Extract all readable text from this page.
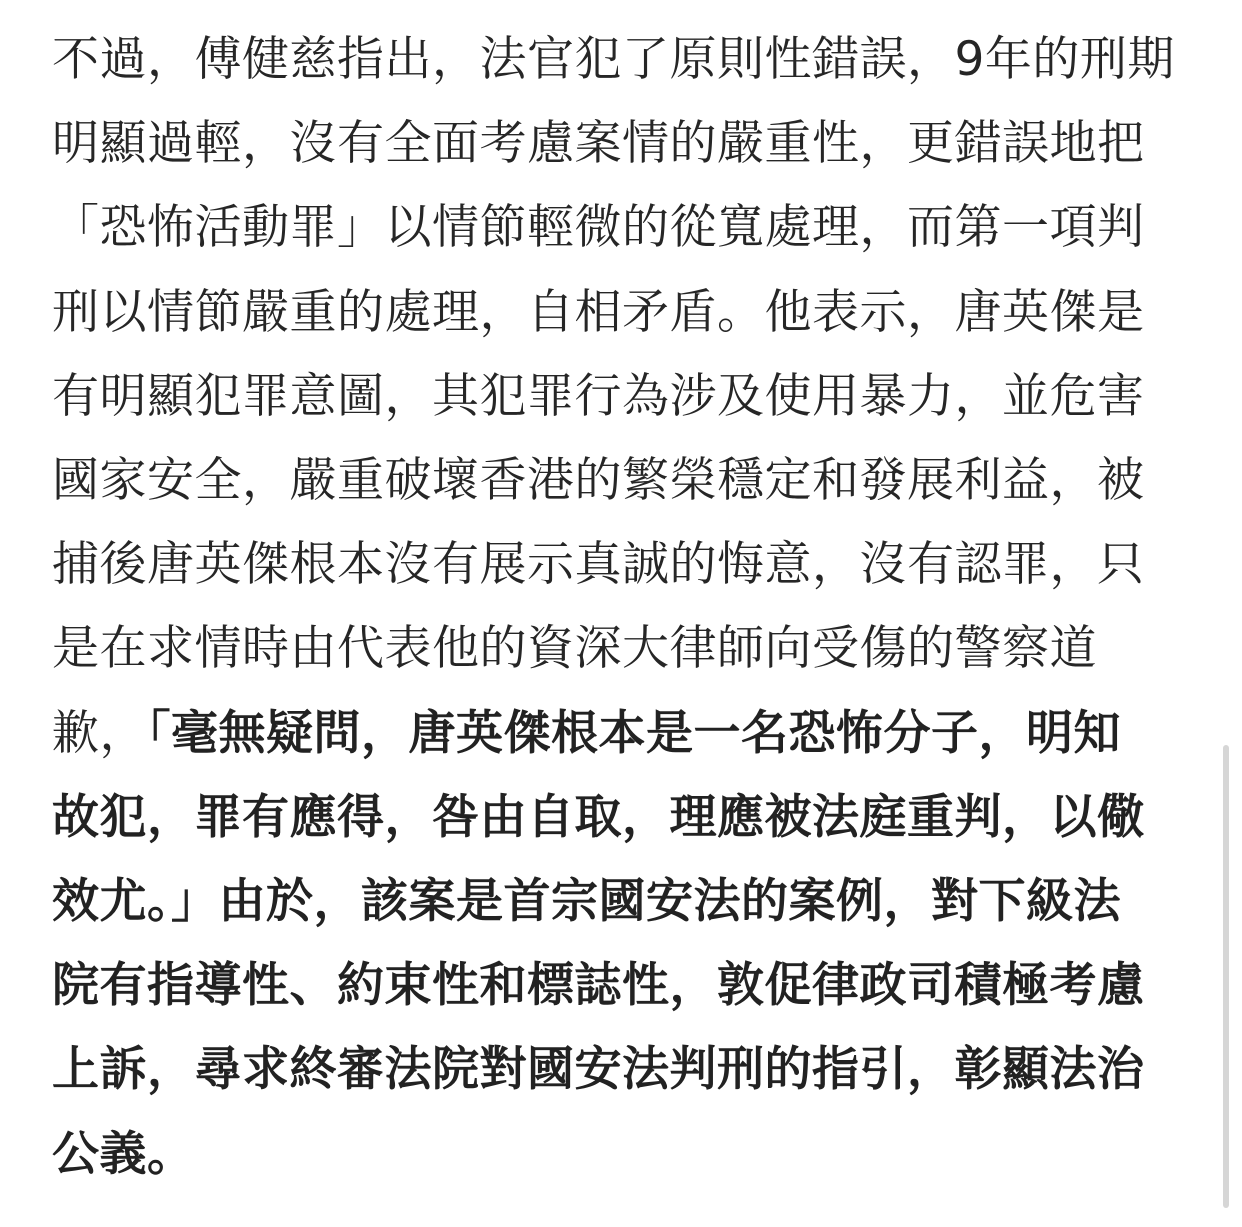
不過，傅健慈指出，法官犯了原則性錯誤，9年的刑期
明顯過輕，沒有全面考慮案情的嚴重性，更錯誤地把
「恐怖活動罪」以情節輕微的從寬處理，而第一項判
刑以情節嚴重的處理，自相矛盾。他表示，唐英傑是
有明顯犯罪意圖，其犯罪行為涉及使用暴力，並危害
國家安全，嚴重破壞香港的繁榮穩定和發展利益，被
捕後唐英傑根本沒有展示真誠的悔意，沒有認罪，只
是在求情時由代表他的資深大律師向受傷的警察道
歉，「毫無疑問，唐英傑根本是一名恐怖分子，明知
故犯，罪有應得，咎由自取，理應被法庭重判，以儆
效尤。」由於，該案是首宗國安法的案例，對下級法
院有指導性、約束性和標誌性，敦促律政司積極考慮
上訴，尋求終審法院對國安法判刑的指引，彰顯法治
公義。
